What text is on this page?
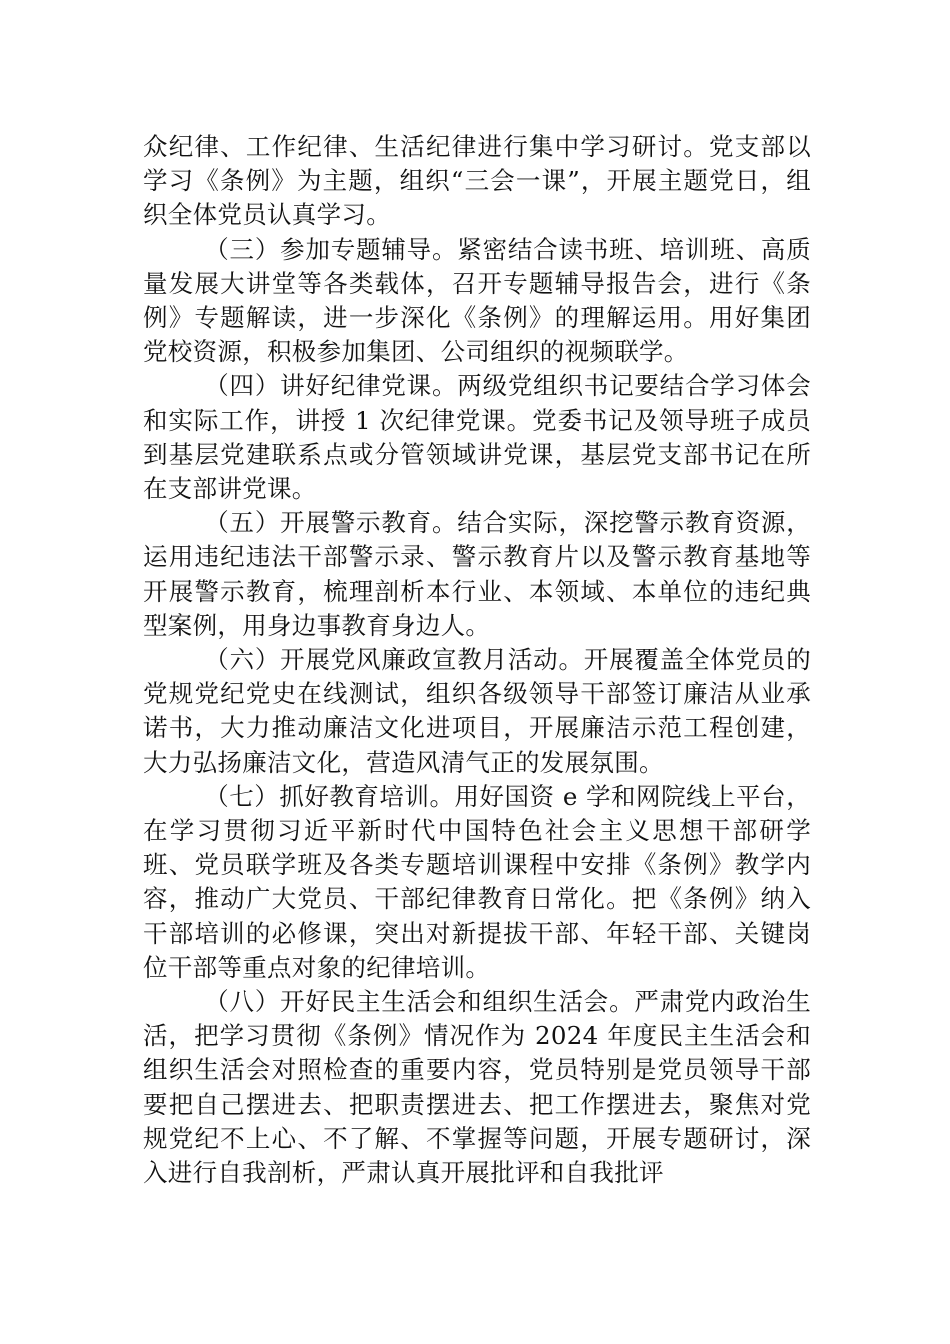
众纪律、工作纪律、生活纪律进行集中学习研讨。党支部以学习《条例》为主题，组织“三会一课”，开展主题党日，组织全体党员认真学习。

（三）参加专题辅导。紧密结合读书班、培训班、高质量发展大讲堂等各类载体，召开专题辅导报告会，进行《条例》专题解读，进一步深化《条例》的理解运用。用好集团党校资源，积极参加集团、公司组织的视频联学。

（四）讲好纪律党课。两级党组织书记要结合学习体会和实际工作，讲授 1 次纪律党课。党委书记及领导班子成员到基层党建联系点或分管领域讲党课，基层党支部书记在所在支部讲党课。

（五）开展警示教育。结合实际，深挖警示教育资源，运用违纪违法干部警示录、警示教育片以及警示教育基地等开展警示教育，梳理剖析本行业、本领域、本单位的违纪典型案例，用身边事教育身边人。

（六）开展党风廉政宣教月活动。开展覆盖全体党员的党规党纪党史在线测试，组织各级领导干部签订廉洁从业承诺书，大力推动廉洁文化进项目，开展廉洁示范工程创建，大力弘扬廉洁文化，营造风清气正的发展氛围。

（七）抓好教育培训。用好国资 e 学和网院线上平台，在学习贯彻习近平新时代中国特色社会主义思想干部研学班、党员联学班及各类专题培训课程中安排《条例》教学内容，推动广大党员、干部纪律教育日常化。把《条例》纳入干部培训的必修课，突出对新提拔干部、年轻干部、关键岗位干部等重点对象的纪律培训。

（八）开好民主生活会和组织生活会。严肃党内政治生活，把学习贯彻《条例》情况作为 2024 年度民主生活会和组织生活会对照检查的重要内容，党员特别是党员领导干部要把自己摆进去、把职责摆进去、把工作摆进去，聚焦对党规党纪不上心、不了解、不掌握等问题，开展专题研讨，深入进行自我剖析，严肃认真开展批评和自我批评
